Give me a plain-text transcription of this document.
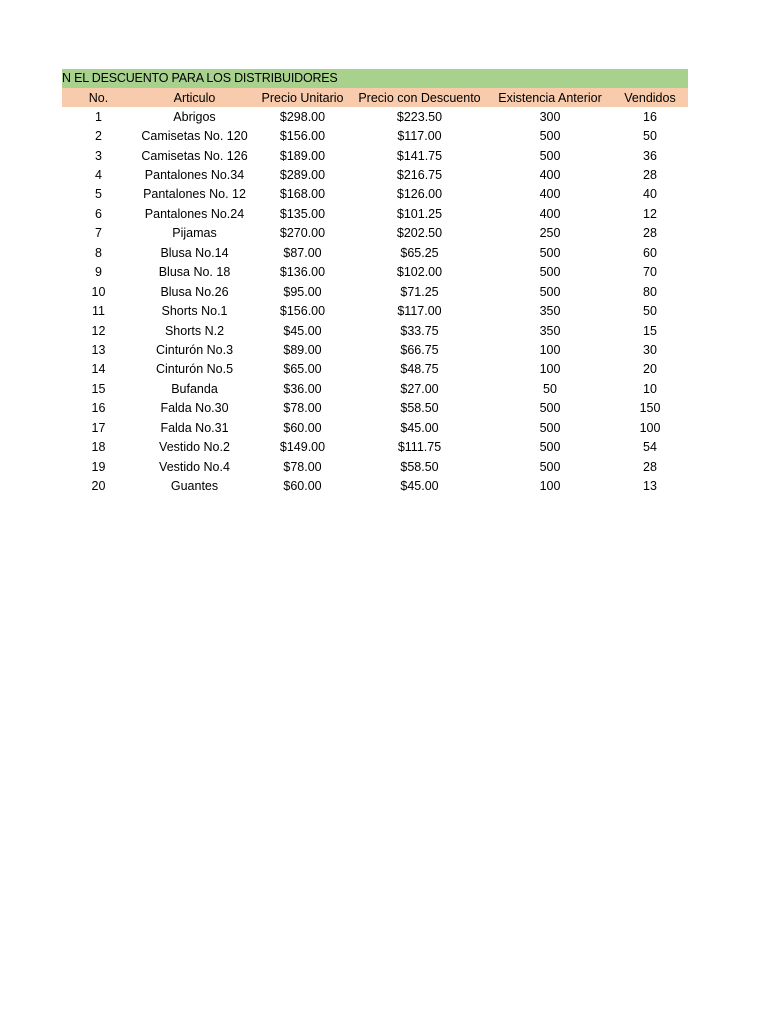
N EL DESCUENTO PARA LOS DISTRIBUIDORES
No.	Articulo	Precio Unitario	Precio con Descuento	Existencia Anterior	Vendidos
1	Abrigos	$298.00	$223.50	300	16
2	Camisetas No. 120	$156.00	$117.00	500	50
3	Camisetas No. 126	$189.00	$141.75	500	36
4	Pantalones No.34	$289.00	$216.75	400	28
5	Pantalones No. 12	$168.00	$126.00	400	40
6	Pantalones No.24	$135.00	$101.25	400	12
7	Pijamas	$270.00	$202.50	250	28
8	Blusa No.14	$87.00	$65.25	500	60
9	Blusa No. 18	$136.00	$102.00	500	70
10	Blusa No.26	$95.00	$71.25	500	80
11	Shorts No.1	$156.00	$117.00	350	50
12	Shorts N.2	$45.00	$33.75	350	15
13	Cinturón No.3	$89.00	$66.75	100	30
14	Cinturón No.5	$65.00	$48.75	100	20
15	Bufanda	$36.00	$27.00	50	10
16	Falda No.30	$78.00	$58.50	500	150
17	Falda No.31	$60.00	$45.00	500	100
18	Vestido No.2	$149.00	$111.75	500	54
19	Vestido No.4	$78.00	$58.50	500	28
20	Guantes	$60.00	$45.00	100	13
